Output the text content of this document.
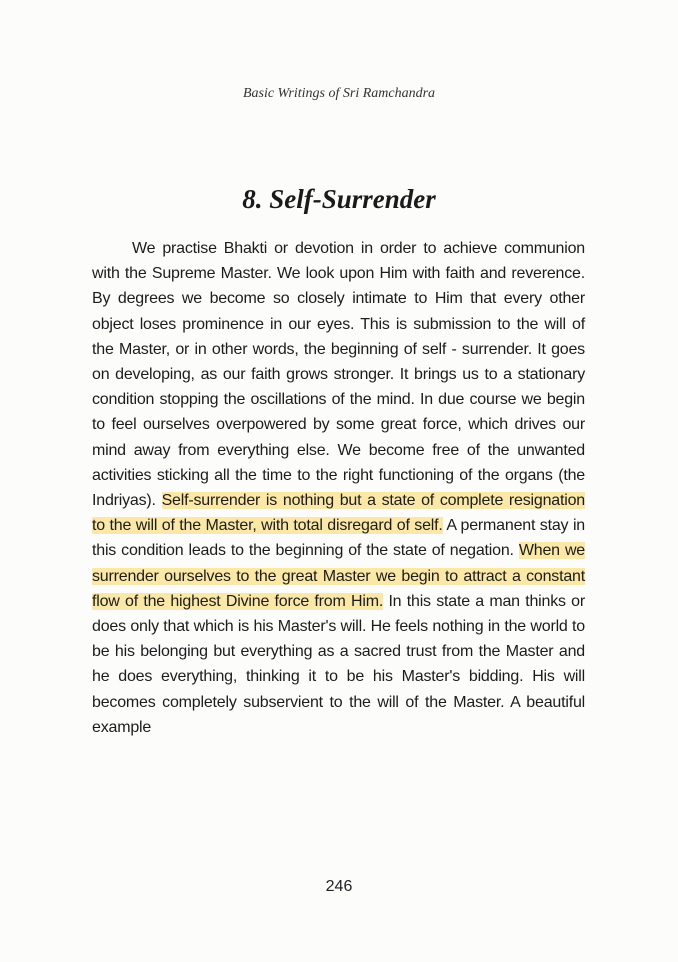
Basic Writings of Sri Ramchandra
8. Self-Surrender

We practise Bhakti or devotion in order to achieve communion with the Supreme Master. We look upon Him with faith and reverence. By degrees we become so closely intimate to Him that every other object loses prominence in our eyes. This is submission to the will of the Master, or in other words, the beginning of self - surrender. It goes on developing, as our faith grows stronger. It brings us to a stationary condition stopping the oscillations of the mind. In due course we begin to feel ourselves overpowered by some great force, which drives our mind away from everything else. We become free of the unwanted activities sticking all the time to the right functioning of the organs (the Indriyas). Self-surrender is nothing but a state of complete resignation to the will of the Master, with total disregard of self. A permanent stay in this condition leads to the beginning of the state of negation. When we surrender ourselves to the great Master we begin to attract a constant flow of the highest Divine force from Him. In this state a man thinks or does only that which is his Master's will. He feels nothing in the world to be his belonging but everything as a sacred trust from the Master and he does everything, thinking it to be his Master's bidding. His will becomes completely subservient to the will of the Master. A beautiful example

246
